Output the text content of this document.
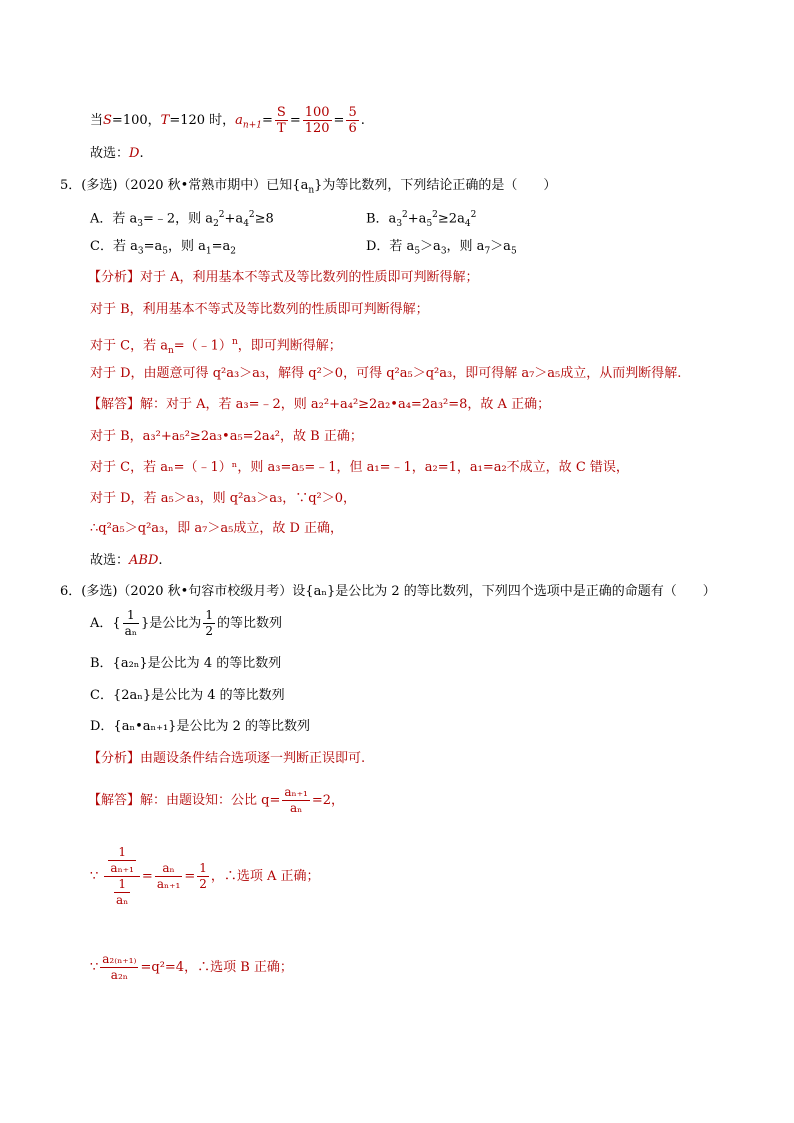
当S=100，T=120 时，$a_{n+1}= \frac{S}{T} = \frac{100}{120} = \frac{5}{6}$ .
故选：D.
5．(多选)（2020 秋•常熟市期中）已知$\{a_n\}$为等比数列，下列结论正确的是（　　）
A．若 $a_3=﹣2$，则 $a_2^2+a_4^2\ge 8$	B．$a_3^2+a_5^2\ge 2a_4^2$
C．若 $a_3=a_5$，则 $a_1=a_2$	D．若 $a_5>a_3$，则 $a_7>a_5$
【分析】对于 A，利用基本不等式及等比数列的性质即可判断得解；
对于 B，利用基本不等式及等比数列的性质即可判断得解；
对于 C，若 $a_n=(﹣1)^n$，即可判断得解；
对于 D，由题意可得 q²a₃＞a₃，解得 q²＞0，可得 q²a₅＞q²a₃，即可得解 a₇＞a₅成立，从而判断得解.
【解答】解：对于 A，若 a₃=﹣2，则 a₂²+a₄²≥2a₂•a₄=2a₃²=8，故 A 正确；
对于 B，a₃²+a₅²≥2a₃•a₅=2a₄²，故 B 正确；
对于 C，若 aₙ=（﹣1）ⁿ，则 a₃=a₅=﹣1，但 a₁=﹣1，a₂=1，a₁=a₂不成立，故 C 错误，
对于 D，若 a₅＞a₃，则 q²a₃＞a₃，∵q²＞0，
∴q²a₅＞q²a₃，即 a₇＞a₅成立，故 D 正确，
故选：ABD.
6．(多选)（2020 秋•句容市校级月考）设{aₙ}是公比为 2 的等比数列，下列四个选项中是正确的命题有（　　）
A．{ $\frac{1}{\text{aₙ}}$ }是公比为 $\frac{1}{2}$ 的等比数列
B．{a₂ₙ}是公比为 4 的等比数列
C．{2aₙ}是公比为 4 的等比数列
D．{aₙ•aₙ₊₁}是公比为 2 的等比数列
【分析】由题设条件结合选项逐一判断正误即可.
【解答】解：由题设知：公比 $q= \frac{\text{aₙ₊₁}}{\text{aₙ}} =2$，
∵ $\frac{\frac{1}{\text{aₙ₊₁}}}{\frac{1}{\text{aₙ}}} = \frac{\text{aₙ}}{\text{aₙ₊₁}} = \frac{1}{2}$ ，∴选项 A 正确；
∵ $\frac{\text{a₂₍ₙ₊₁₎}}{\text{a₂ₙ}} =q^2=4$，∴选项 B 正确；
